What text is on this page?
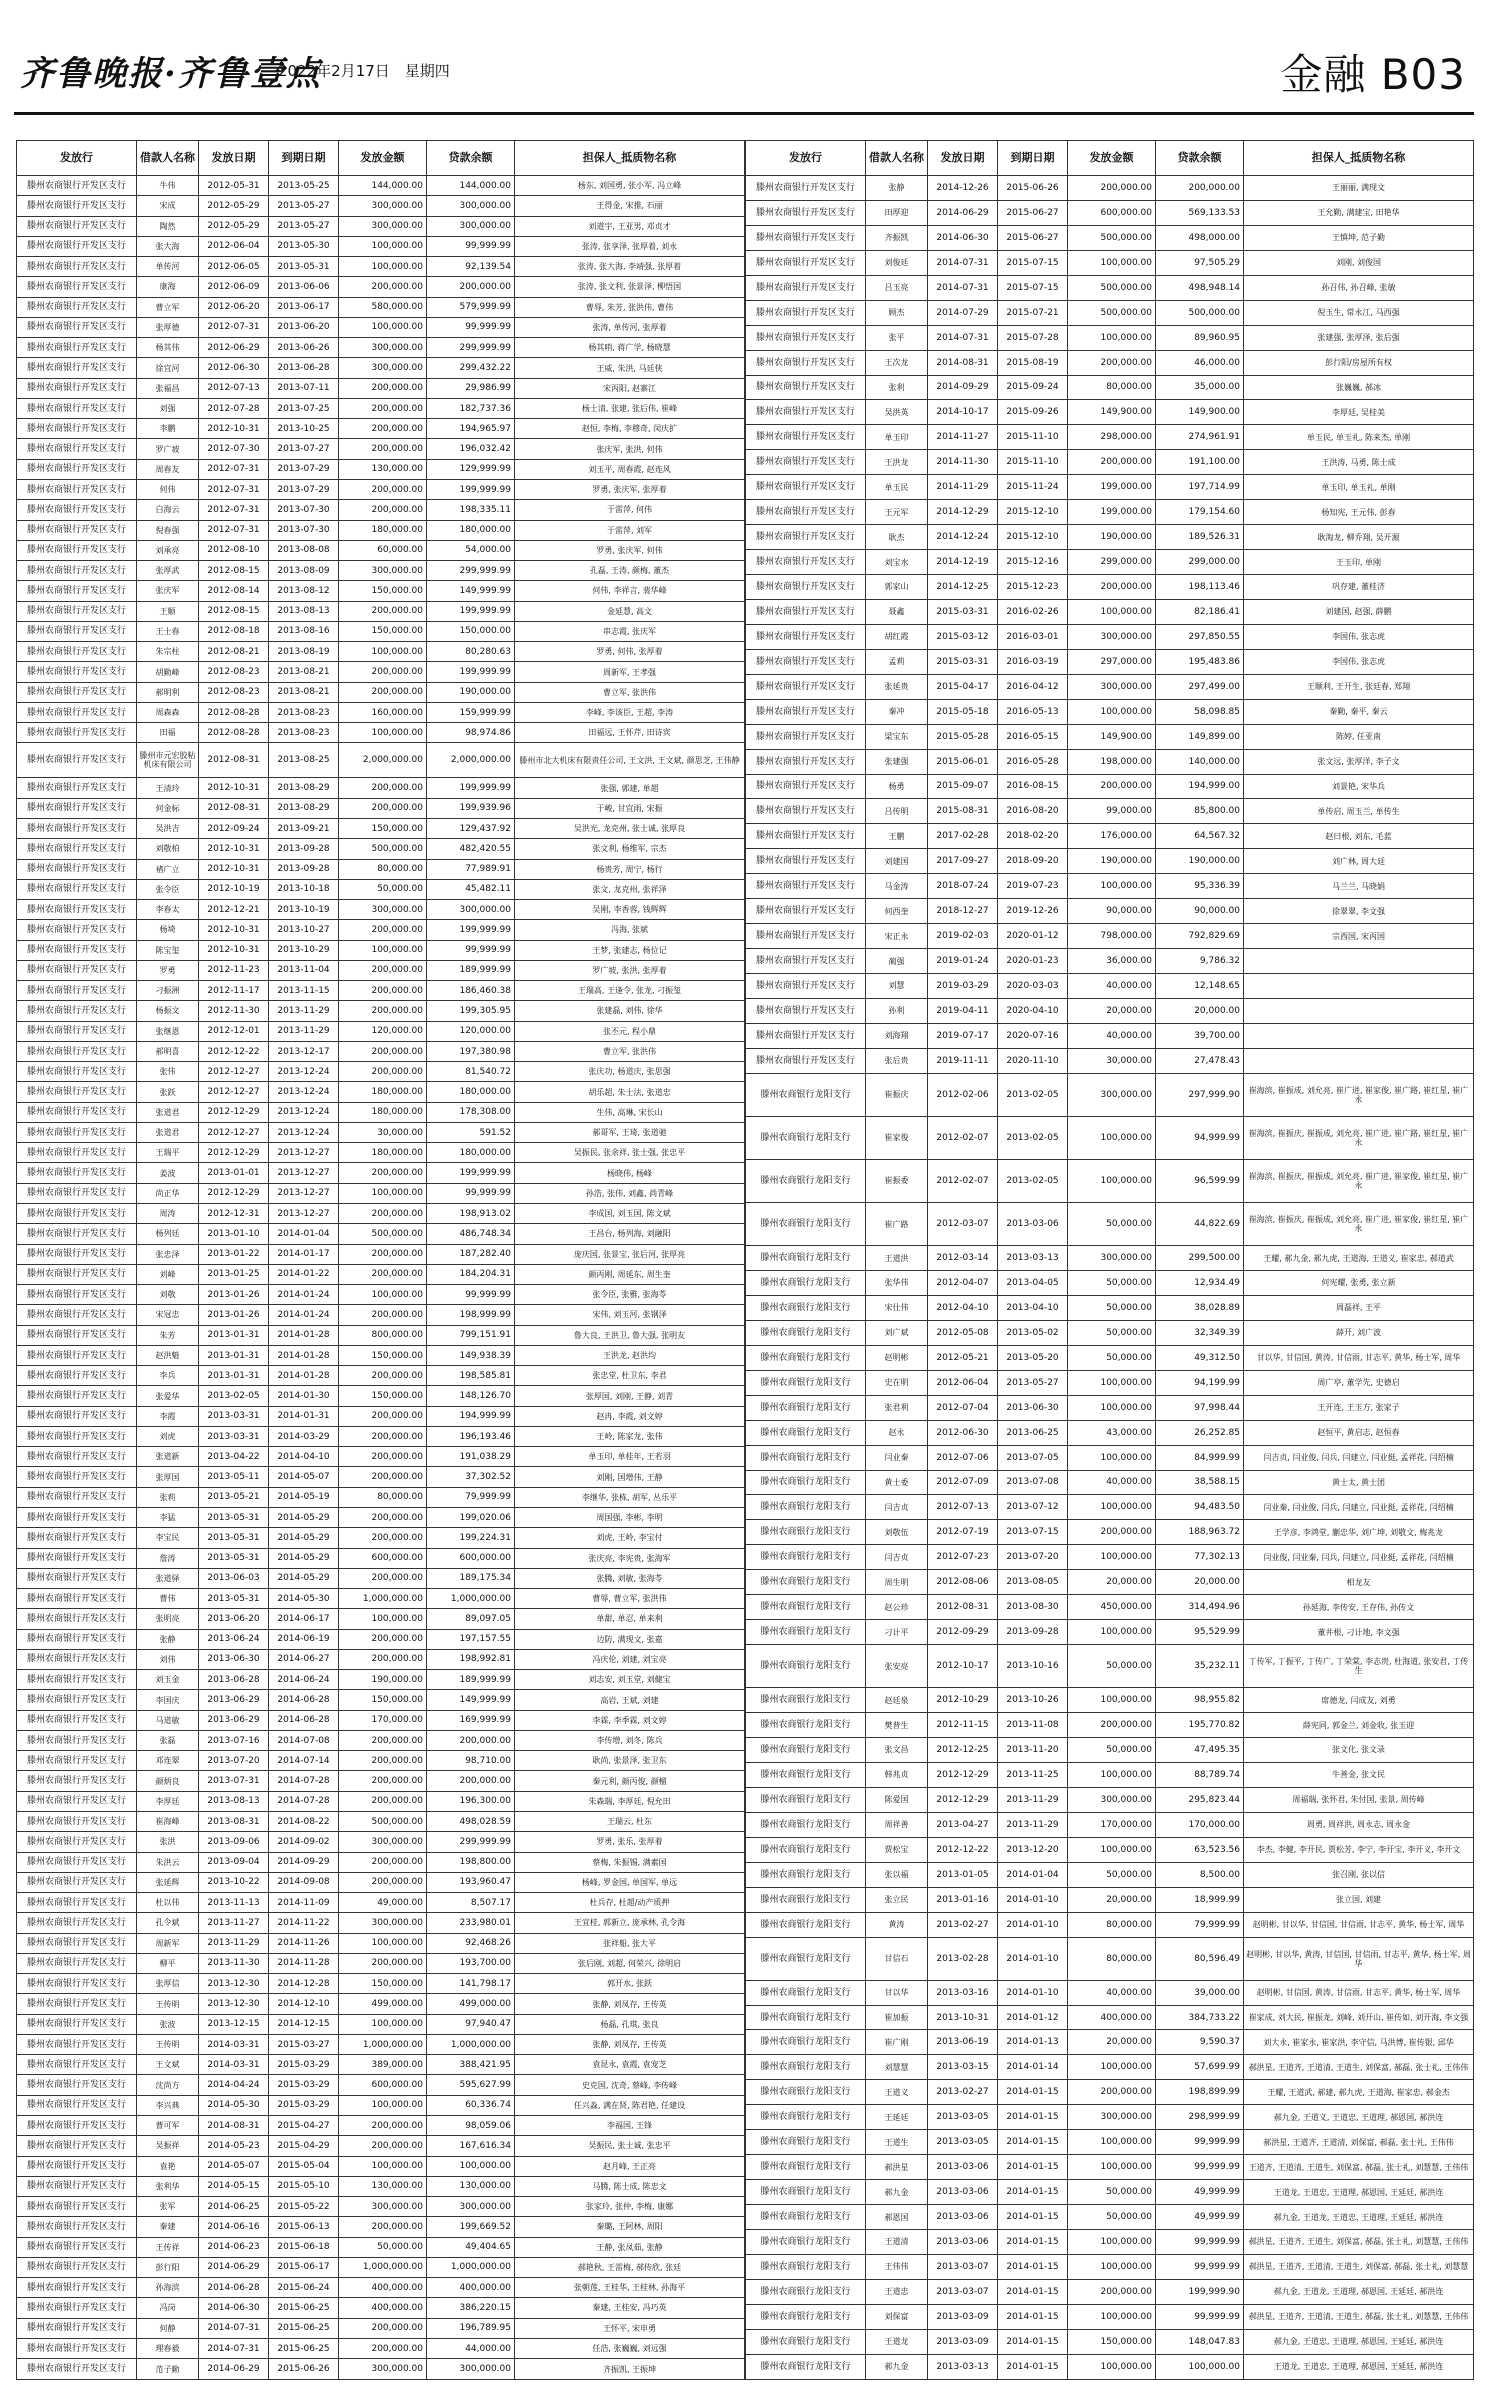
齐鲁晚报·齐鲁壹点
2022年2月17日　星期四	金融 B03
发放行	借款人名称	发放日期	到期日期	发放金额	贷款余额	担保人_抵质物名称
滕州农商银行开发区支行	牛伟	2012-05-31	2013-05-25	144,000.00	144,000.00	杨东, 刘国勇, 张小军, 冯立峰
滕州农商银行开发区支行	宋成	2012-05-29	2013-05-27	300,000.00	300,000.00	王得金, 宋推, 石丽
滕州农商银行开发区支行	陶然	2012-05-29	2013-05-27	300,000.00	300,000.00	刘道宇, 王亚男, 邓贞才
滕州农商银行开发区支行	张大海	2012-06-04	2013-05-30	100,000.00	99,999.99	张涛, 张享泽, 张厚着, 刘永
滕州农商银行开发区支行	单传河	2012-06-05	2013-05-31	100,000.00	92,139.54	张涛, 张大海, 李靖强, 张厚着
滕州农商银行开发区支行	康海	2012-06-09	2013-06-06	200,000.00	200,000.00	张涛, 张文利, 张景泽, 柳悟国
滕州农商银行开发区支行	曹立军	2012-06-20	2013-06-17	580,000.00	579,999.99	曹辱, 朱芳, 张洪伟, 曹伟
滕州农商银行开发区支行	张厚德	2012-07-31	2013-06-20	100,000.00	99,999.99	张涛, 单传河, 张厚着
滕州农商银行开发区支行	杨其伟	2012-06-29	2013-06-26	300,000.00	299,999.99	杨其哨, 蒋广学, 杨晓慧
滕州农商银行开发区支行	徐宜河	2012-06-30	2013-06-28	300,000.00	299,432.22	王威, 朱洪, 马廷侠
滕州农商银行开发区支行	张福昌	2012-07-13	2013-07-11	200,000.00	29,986.99	宋丙阳, 赵寨江
滕州农商银行开发区支行	刘强	2012-07-28	2013-07-25	200,000.00	182,737.36	杨士清, 张建, 张后伟, 崔峰
滕州农商银行开发区支行	李鹏	2012-10-31	2013-10-25	200,000.00	194,965.97	赵恒, 李梅, 李穆奇, 闵庆扩
滕州农商银行开发区支行	罗广坡	2012-07-30	2013-07-27	200,000.00	196,032.42	张庆军, 张洪, 何伟
滕州农商银行开发区支行	周春友	2012-07-31	2013-07-29	130,000.00	129,999.99	刘玉平, 周春霞, 赵连风
滕州农商银行开发区支行	何伟	2012-07-31	2013-07-29	200,000.00	199,999.99	罗勇, 张庆军, 张厚着
滕州农商银行开发区支行	白海云	2012-07-31	2013-07-30	200,000.00	198,335.11	于雷萍, 何伟
滕州农商银行开发区支行	倪春强	2012-07-31	2013-07-30	180,000.00	180,000.00	于雷萍, 刘军
滕州农商银行开发区支行	刘承亮	2012-08-10	2013-08-08	60,000.00	54,000.00	罗勇, 张庆军, 何伟
滕州农商银行开发区支行	张厚武	2012-08-15	2013-08-09	300,000.00	299,999.99	孔磊, 王涛, 颜梅, 董杰
滕州农商银行开发区支行	张庆军	2012-08-14	2013-08-12	150,000.00	149,999.99	何伟, 李祥言, 裴华峰
滕州农商银行开发区支行	王顺	2012-08-15	2013-08-13	200,000.00	199,999.99	金延慧, 高文
滕州农商银行开发区支行	王士春	2012-08-18	2013-08-16	150,000.00	150,000.00	串志霞, 张庆军
滕州农商银行开发区支行	朱宗柱	2012-08-21	2013-08-19	100,000.00	80,280.63	罗勇, 何伟, 张厚着
滕州农商银行开发区支行	胡勤峰	2012-08-23	2013-08-21	200,000.00	199,999.99	周新军, 王孝强
滕州农商银行开发区支行	郝明利	2012-08-23	2013-08-21	200,000.00	190,000.00	曹立军, 张洪伟
滕州农商银行开发区支行	周森森	2012-08-28	2013-08-23	160,000.00	159,999.99	李峰, 李该臣, 王超, 李涛
滕州农商银行开发区支行	田福	2012-08-28	2013-08-23	100,000.00	98,974.86	田福远, 王怀芹, 田诗宾
滕州农商银行开发区支行	滕州市元宏胶粘机床有限公司	2012-08-31	2013-08-25	2,000,000.00	2,000,000.00	滕州市北大机床有限责任公司, 王文洪, 王文斌, 颜思芝, 王伟静
滕州农商银行开发区支行	王清玲	2012-10-31	2013-08-29	200,000.00	199,999.99	张强, 郭建, 单超
滕州农商银行开发区支行	何金标	2012-08-31	2013-08-29	200,000.00	199,939.96	于峻, 甘宜雨, 宋振
滕州农商银行开发区支行	吴洪吉	2012-09-24	2013-09-21	150,000.00	129,437.92	吴洪光, 龙克州, 张士诚, 张厚良
滕州农商银行开发区支行	刘敬柏	2012-10-31	2013-09-28	500,000.00	482,420.55	张文利, 杨维军, 宗杰
滕州农商银行开发区支行	褚广立	2012-10-31	2013-09-28	80,000.00	77,989.91	杨贵芳, 周宁, 杨行
滕州农商银行开发区支行	张令臣	2012-10-19	2013-10-18	50,000.00	45,482.11	张文, 龙克州, 张祥泽
滕州农商银行开发区支行	李春太	2012-12-21	2013-10-19	300,000.00	300,000.00	吴刚, 李香蓉, 钱辉辉
滕州农商银行开发区支行	杨埼	2012-10-31	2013-10-27	200,000.00	199,999.99	冯海, 张斌
滕州农商银行开发区支行	陈宝玺	2012-10-31	2013-10-29	100,000.00	99,999.99	王梦, 张建志, 杨位记
滕州农商银行开发区支行	罗勇	2012-11-23	2013-11-04	200,000.00	189,999.99	罗广坡, 张洪, 张厚着
滕州农商银行开发区支行	刁振洲	2012-11-17	2013-11-15	200,000.00	186,460.38	王瑞高, 王逢令, 张龙, 刁振玺
滕州农商银行开发区支行	杨振文	2012-11-30	2013-11-29	200,000.00	199,305.95	张建磊, 刘伟, 徐华
滕州农商银行开发区支行	张继恩	2012-12-01	2013-11-29	120,000.00	120,000.00	张丕元, 程小鼎
滕州农商银行开发区支行	郝明喜	2012-12-22	2013-12-17	200,000.00	197,380.98	曹立军, 张洪伟
滕州农商银行开发区支行	张伟	2012-12-27	2013-12-24	200,000.00	81,540.72	张庆功, 杨道庆, 张思强
滕州农商银行开发区支行	张跃	2012-12-27	2013-12-24	180,000.00	180,000.00	胡乐超, 朱士法, 张道忠
滕州农商银行开发区支行	张道君	2012-12-29	2013-12-24	180,000.00	178,308.00	生伟, 高琳, 宋长山
滕州农商银行开发区支行	张道君	2012-12-27	2013-12-24	30,000.00	591.52	郝哥军, 王琦, 张道驰
滕州农商银行开发区支行	王瑞平	2012-12-29	2013-12-27	180,000.00	180,000.00	吴振民, 张余祥, 张士强, 张忠平
滕州农商银行开发区支行	姜波	2013-01-01	2013-12-27	200,000.00	199,999.99	杨晓伟, 杨峰
滕州农商银行开发区支行	尚正华	2012-12-29	2013-12-27	100,000.00	99,999.99	孙浩, 张伟, 刘鑫, 尚青峰
滕州农商银行开发区支行	周涛	2012-12-31	2013-12-27	200,000.00	198,913.02	李成国, 刘玉国, 陈文斌
滕州农商银行开发区支行	杨列廷	2013-01-10	2014-01-04	500,000.00	486,748.34	王昌台, 杨列海, 刘融阳
滕州农商银行开发区支行	张忠泽	2013-01-22	2014-01-17	200,000.00	187,282.40	庞庆国, 张景宝, 张后河, 张厚亮
滕州农商银行开发区支行	刘峰	2013-01-25	2014-01-22	200,000.00	184,204.31	颜丙刚, 周延东, 周生奎
滕州农商银行开发区支行	刘敬	2013-01-26	2014-01-24	100,000.00	99,999.99	张令臣, 张雅, 张海苓
滕州农商银行开发区支行	宋冠忠	2013-01-26	2014-01-24	200,000.00	198,999.99	宋伟, 刘玉河, 张钢泽
滕州农商银行开发区支行	朱芳	2013-01-31	2014-01-28	800,000.00	799,151.91	鲁大良, 王洪卫, 鲁大强, 张明友
滕州农商银行开发区支行	赵洪魁	2013-01-31	2014-01-28	150,000.00	149,938.39	王洪龙, 赵洪均
滕州农商银行开发区支行	李兵	2013-01-31	2014-01-28	200,000.00	198,585.81	张忠堂, 杜卫东, 李君
滕州农商银行开发区支行	张爱华	2013-02-05	2014-01-30	150,000.00	148,126.70	张厚国, 刘刚, 王静, 刘青
滕州农商银行开发区支行	李霞	2013-03-31	2014-01-31	200,000.00	194,999.99	赵冉, 李霞, 刘文婷
滕州农商银行开发区支行	刘虎	2013-03-31	2014-03-29	200,000.00	196,193.46	王岭, 陈家龙, 张伟
滕州农商银行开发区支行	张道新	2013-04-22	2014-04-10	200,000.00	191,038.29	单玉印, 单桂年, 王若羽
滕州农商银行开发区支行	张厚国	2013-05-11	2014-05-07	200,000.00	37,302.52	刘刚, 国增伟, 王静
滕州农商银行开发区支行	张莉	2013-05-21	2014-05-19	80,000.00	79,999.99	李继华, 张栋, 胡军, 丛乐平
滕州农商银行开发区支行	李猛	2013-05-31	2014-05-29	200,000.00	199,020.06	周国强, 李彬, 李明
滕州农商银行开发区支行	李宝民	2013-05-31	2014-05-29	200,000.00	199,224.31	刘虎, 王岭, 李宝付
滕州农商银行开发区支行	詹涛	2013-05-31	2014-05-29	600,000.00	600,000.00	张庆亮, 李宪贵, 张海军
滕州农商银行开发区支行	张道驿	2013-06-03	2014-05-29	200,000.00	189,175.34	张腾, 刘敏, 张海苓
滕州农商银行开发区支行	曹伟	2013-05-31	2014-05-30	1,000,000.00	1,000,000.00	曹辱, 曹立军, 张洪伟
滕州农商银行开发区支行	张明亮	2013-06-20	2014-06-17	100,000.00	89,097.05	单甜, 单忍, 单来利
滕州农商银行开发区支行	张静	2013-06-24	2014-06-19	200,000.00	197,157.55	边防, 满现文, 张嘉
滕州农商银行开发区支行	刘伟	2013-06-30	2014-06-27	200,000.00	198,992.81	冯庆伦, 刘建, 刘宝亮
滕州农商银行开发区支行	刘玉金	2013-06-28	2014-06-24	190,000.00	189,999.99	刘志安, 刘玉堂, 刘健宝
滕州农商银行开发区支行	李国庆	2013-06-29	2014-06-28	150,000.00	149,999.99	高岩, 王斌, 刘建
滕州农商银行开发区支行	马道敏	2013-06-29	2014-06-28	170,000.00	169,999.99	李霖, 李季霖, 刘文婷
滕州农商银行开发区支行	张磊	2013-07-16	2014-07-08	200,000.00	200,000.00	李传增, 刘冬, 陈兵
滕州农商银行开发区支行	邓连翠	2013-07-20	2014-07-14	200,000.00	98,710.00	耿尚, 张景泽, 张卫东
滕州农商银行开发区支行	颜炳良	2013-07-31	2014-07-28	200,000.00	200,000.00	秦元利, 颜丙俊, 颜榴
滕州农商银行开发区支行	李厚廷	2013-08-13	2014-07-28	200,000.00	196,300.00	朱森瑞, 李厚廷, 倪允田
滕州农商银行开发区支行	崔海峰	2013-08-31	2014-08-22	500,000.00	498,028.59	王瑞云, 杜东
滕州农商银行开发区支行	张洪	2013-09-06	2014-09-02	300,000.00	299,999.99	罗勇, 张乐, 张厚着
滕州农商银行开发区支行	朱洪云	2013-09-04	2014-09-29	200,000.00	198,800.00	蔡梅, 朱振锡, 满素国
滕州农商银行开发区支行	张延辉	2013-10-22	2014-09-08	200,000.00	193,960.47	杨峰, 罗金国, 单国军, 单远
滕州农商银行开发区支行	杜以伟	2013-11-13	2014-11-09	49,000.00	8,507.17	杜兵存, 杜超/动产质押
滕州农商银行开发区支行	孔令斌	2013-11-27	2014-11-22	300,000.00	233,980.01	王宜桂, 郭新立, 庞承林, 孔令海
滕州农商银行开发区支行	周新军	2013-11-29	2014-11-26	100,000.00	92,468.26	张祥船, 张大平
滕州农商银行开发区支行	柳平	2013-11-30	2014-11-28	200,000.00	193,700.00	张后刚, 刘超, 何荣兴, 徐明启
滕州农商银行开发区支行	张厚信	2013-12-30	2014-12-28	150,000.00	141,798.17	郭开水, 张跃
滕州农商银行开发区支行	王传明	2013-12-30	2014-12-10	499,000.00	499,000.00	张静, 刘凤存, 王传英
滕州农商银行开发区支行	张波	2013-12-15	2014-12-15	100,000.00	97,940.47	杨磊, 孔琪, 张良
滕州农商银行开发区支行	王传明	2014-03-31	2015-03-27	1,000,000.00	1,000,000.00	张静, 刘凤存, 王传英
滕州农商银行开发区支行	王文斌	2014-03-31	2015-03-29	389,000.00	388,421.95	袁昆永, 袁霞, 袁宠芝
滕州农商银行开发区支行	沈尚方	2014-04-24	2015-03-29	600,000.00	595,627.99	史克国, 沈奇, 蔡峰, 李传峰
滕州农商银行开发区支行	李兴典	2014-05-30	2015-03-29	100,000.00	60,336.74	任兴淼, 满在贤, 陈君艳, 任建设
滕州农商银行开发区支行	曹可军	2014-08-31	2015-04-27	200,000.00	98,059.06	李福国, 王锋
滕州农商银行开发区支行	吴振祥	2014-05-23	2015-04-29	200,000.00	167,616.34	吴振民, 张士诚, 张忠平
滕州农商银行开发区支行	袁艳	2014-05-07	2015-05-04	100,000.00	100,000.00	赵月峰, 王正亮
滕州农商银行开发区支行	张利华	2014-05-15	2015-05-10	130,000.00	130,000.00	马腾, 陈士成, 陈忠文
滕州农商银行开发区支行	张军	2014-06-25	2015-05-22	300,000.00	300,000.00	张家玲, 张仲, 李梅, 康娜
滕州农商银行开发区支行	秦建	2014-06-16	2015-06-13	200,000.00	199,669.52	秦璐, 王阿林, 周阳
滕州农商银行开发区支行	王传祥	2014-06-23	2015-06-18	50,000.00	49,404.65	王静, 张凤茹, 张静
滕州农商银行开发区支行	彭行阳	2014-06-29	2015-06-17	1,000,000.00	1,000,000.00	郝艳秋, 王雷梅, 郝传欣, 张廷
滕州农商银行开发区支行	孙海滨	2014-06-28	2015-06-24	400,000.00	400,000.00	张朝莲, 王桂华, 王桂林, 孙海平
滕州农商银行开发区支行	冯岗	2014-06-30	2015-06-25	400,000.00	386,220.15	秦建, 王桂安, 冯巧英
滕州农商银行开发区支行	何静	2014-07-31	2015-06-25	200,000.00	196,789.95	王怀平, 宋申勇
滕州农商银行开发区支行	理春毅	2014-07-31	2015-06-25	200,000.00	44,000.00	任浩, 张巍巍, 刘远强
滕州农商银行开发区支行	范子勤	2014-06-29	2015-06-26	300,000.00	300,000.00	齐振凯, 王振坤
发放行	借款人名称	发放日期	到期日期	发放金额	贷款余额	担保人_抵质物名称
滕州农商银行开发区支行	张静	2014-12-26	2015-06-26	200,000.00	200,000.00	王丽丽, 满现文
滕州农商银行开发区支行	田厚迎	2014-06-29	2015-06-27	600,000.00	569,133.53	王允勤, 满建宝, 田艳华
滕州农商银行开发区支行	齐振凯	2014-06-30	2015-06-27	500,000.00	498,000.00	王慎坤, 范子勤
滕州农商银行开发区支行	刘俊廷	2014-07-31	2015-07-15	100,000.00	97,505.29	刘刚, 刘俊国
滕州农商银行开发区支行	吕玉亮	2014-07-31	2015-07-15	500,000.00	498,948.14	孙召伟, 孙召峰, 张敏
滕州农商银行开发区支行	顾杰	2014-07-29	2015-07-21	500,000.00	500,000.00	倪玉生, 常永江, 马西强
滕州农商银行开发区支行	张平	2014-07-31	2015-07-28	100,000.00	89,960.95	张建强, 张厚泽, 张后强
滕州农商银行开发区支行	王次龙	2014-08-31	2015-08-19	200,000.00	46,000.00	彭行阳/房屋所有权
滕州农商银行开发区支行	张利	2014-09-29	2015-09-24	80,000.00	35,000.00	张巍巍, 郝冰
滕州农商银行开发区支行	吴洪英	2014-10-17	2015-09-26	149,900.00	149,900.00	李厚廷, 吴桂美
滕州农商银行开发区支行	单玉印	2014-11-27	2015-11-10	298,000.00	274,961.91	单玉民, 单玉礼, 陈来杰, 单刚
滕州农商银行开发区支行	王洪龙	2014-11-30	2015-11-10	200,000.00	191,100.00	王洪涛, 马勇, 陈士成
滕州农商银行开发区支行	单玉民	2014-11-29	2015-11-24	199,000.00	197,714.99	单玉印, 单玉礼, 单刚
滕州农商银行开发区支行	王元军	2014-12-29	2015-12-10	199,000.00	179,154.60	杨知宪, 王元伟, 彭春
滕州农商银行开发区支行	耿杰	2014-12-24	2015-12-10	190,000.00	189,526.31	耿淘龙, 柳乔翔, 吴开源
滕州农商银行开发区支行	刘宝水	2014-12-19	2015-12-16	299,000.00	299,000.00	王玉印, 单刚
滕州农商银行开发区支行	郭家山	2014-12-25	2015-12-23	200,000.00	198,113.46	巩存建, 董桂济
滕州农商银行开发区支行	聂鑫	2015-03-31	2016-02-26	100,000.00	82,186.41	刘建国, 赵强, 薛鹏
滕州农商银行开发区支行	胡红霞	2015-03-12	2016-03-01	300,000.00	297,850.55	李国伟, 张志虎
滕州农商银行开发区支行	孟莉	2015-03-31	2016-03-19	297,000.00	195,483.86	李国伟, 张志虎
滕州农商银行开发区支行	张延贵	2015-04-17	2016-04-12	300,000.00	297,499.00	王顺利, 王开生, 张廷春, 郑翔
滕州农商银行开发区支行	秦冲	2015-05-18	2016-05-13	100,000.00	58,098.85	秦勤, 秦平, 秦云
滕州农商银行开发区支行	梁宝东	2015-05-28	2016-05-15	149,900.00	149,899.00	陈婷, 任亚南
滕州农商银行开发区支行	张建强	2015-06-01	2016-05-28	198,000.00	140,000.00	张文远, 张厚洋, 李子文
滕州农商银行开发区支行	杨勇	2015-09-07	2016-08-15	200,000.00	194,999.00	刘景艳, 宋华兵
滕州农商银行开发区支行	吕传明	2015-08-31	2016-08-20	99,000.00	85,800.00	单传启, 周玉兰, 单传生
滕州农商银行开发区支行	王鹏	2017-02-28	2018-02-20	176,000.00	64,567.32	赵曰根, 刘东, 毛蓝
滕州农商银行开发区支行	刘建国	2017-09-27	2018-09-20	190,000.00	190,000.00	刘广林, 周大廷
滕州农商银行开发区支行	马金涛	2018-07-24	2019-07-23	100,000.00	95,336.39	马兰兰, 马晓娟
滕州农商银行开发区支行	何西奎	2018-12-27	2019-12-26	90,000.00	90,000.00	徐翠翠, 李文强
滕州农商银行开发区支行	宋正永	2019-02-03	2020-01-12	798,000.00	792,829.69	宗西国, 宋丙国
滕州农商银行开发区支行	蔺强	2019-01-24	2020-01-23	36,000.00	9,786.32	
滕州农商银行开发区支行	刘慧	2019-03-29	2020-03-03	40,000.00	12,148.65	
滕州农商银行开发区支行	孙利	2019-04-11	2020-04-10	20,000.00	20,000.00	
滕州农商银行开发区支行	刘海翔	2019-07-17	2020-07-16	40,000.00	39,700.00	
滕州农商银行开发区支行	张后贵	2019-11-11	2020-11-10	30,000.00	27,478.43	
滕州农商银行龙阳支行	崔振庆	2012-02-06	2013-02-05	300,000.00	297,999.90	崔海滨, 崔振成, 刘允亮, 崔广进, 崔家俊, 崔广路, 崔红星, 崔广永
滕州农商银行龙阳支行	崔家俊	2012-02-07	2013-02-05	100,000.00	94,999.99	崔海滨, 崔振庆, 崔振成, 刘允亮, 崔广进, 崔广路, 崔红星, 崔广永
滕州农商银行龙阳支行	崔振委	2012-02-07	2013-02-05	100,000.00	96,599.99	崔海滨, 崔振庆, 崔振成, 刘允亮, 崔广进, 崔家俊, 崔红星, 崔广永
滕州农商银行龙阳支行	崔广路	2012-03-07	2013-03-06	50,000.00	44,822.69	崔海滨, 崔振庆, 崔振成, 刘允亮, 崔广进, 崔家俊, 崔红星, 崔广永
滕州农商银行龙阳支行	王道洪	2012-03-14	2013-03-13	300,000.00	299,500.00	王耀, 郝九金, 郝九虎, 王道海, 王道义, 崔家忠, 郝道武
滕州农商银行龙阳支行	张华伟	2012-04-07	2013-04-05	50,000.00	12,934.49	何宪耀, 张勇, 张立新
滕州农商银行龙阳支行	宋仕伟	2012-04-10	2013-04-10	50,000.00	38,028.89	周磊祥, 王平
滕州农商银行龙阳支行	刘广斌	2012-05-08	2013-05-02	50,000.00	32,349.39	薛开, 刘广波
滕州农商银行龙阳支行	赵明彬	2012-05-21	2013-05-20	50,000.00	49,312.50	甘以华, 甘信国, 黄涛, 甘信雨, 甘志平, 黄华, 杨士军, 周华
滕州农商银行龙阳支行	史在明	2012-06-04	2013-05-27	100,000.00	94,199.99	周广亭, 董学先, 史德启
滕州农商银行龙阳支行	张君利	2012-07-04	2013-06-30	100,000.00	97,998.44	王开连, 王玉方, 张家子
滕州农商银行龙阳支行	赵永	2012-06-30	2013-06-25	43,000.00	26,252.85	赵恒平, 黄启志, 赵恒春
滕州农商银行龙阳支行	闫业秦	2012-07-06	2013-07-05	100,000.00	84,999.99	闫吉贞, 闫业俊, 闫兵, 闫建立, 闫业挺, 孟祥花, 闫绍楠
滕州农商银行龙阳支行	黄士委	2012-07-09	2013-07-08	40,000.00	38,588.15	黄士太, 黄士团
滕州农商银行龙阳支行	闫吉贞	2012-07-13	2013-07-12	100,000.00	94,483.50	闫业秦, 闫业俊, 闫兵, 闫建立, 闫业挺, 孟祥花, 闫绍楠
滕州农商银行龙阳支行	刘敬伍	2012-07-19	2013-07-15	200,000.00	188,963.72	王学彦, 李鸿堂, 蒯忠华, 刘广坤, 刘敬文, 梅兆龙
滕州农商银行龙阳支行	闫吉贞	2012-07-23	2013-07-20	100,000.00	77,302.13	闫业俊, 闫业秦, 闫兵, 闫建立, 闫业挺, 孟祥花, 闫绍楠
滕州农商银行龙阳支行	周生明	2012-08-06	2013-08-05	20,000.00	20,000.00	相龙友
滕州农商银行龙阳支行	赵公珍	2012-08-31	2013-08-30	450,000.00	314,494.96	孙延海, 李传安, 王存伟, 孙传文
滕州农商银行龙阳支行	刁计平	2012-09-29	2013-09-28	100,000.00	95,529.99	董井根, 刁计地, 李文强
滕州农商银行龙阳支行	张安亮	2012-10-17	2013-10-16	50,000.00	35,232.11	丁传军, 丁振平, 丁传广, 丁荣棠, 李志贵, 杜海道, 张安君, 丁传生
滕州农商银行龙阳支行	赵廷泉	2012-10-29	2013-10-26	100,000.00	98,955.82	席德龙, 闫成友, 刘勇
滕州农商银行龙阳支行	樊普生	2012-11-15	2013-11-08	200,000.00	195,770.82	薛宪同, 郭金兰, 刘金收, 张玉迎
滕州农商银行龙阳支行	张文昌	2012-12-25	2013-11-20	50,000.00	47,495.35	张文化, 张文录
滕州农商银行龙阳支行	韩兆贞	2012-12-29	2013-11-25	100,000.00	88,789.74	牛善金, 张文民
滕州农商银行龙阳支行	陈爱国	2012-12-29	2013-11-29	300,000.00	295,823.44	周福瑞, 张怀君, 朱付国, 张景, 周传峰
滕州农商银行龙阳支行	周祥善	2013-04-27	2013-11-29	170,000.00	170,000.00	周勇, 周祥洪, 周永志, 周永金
滕州农商银行龙阳支行	贾松宝	2012-12-22	2013-12-20	100,000.00	63,523.56	李杰, 李健, 李开民, 贾松芳, 李宁, 李开宝, 李开义, 李开文
滕州农商银行龙阳支行	张以福	2013-01-05	2014-01-04	50,000.00	8,500.00	张召刚, 张以信
滕州农商银行龙阳支行	张立民	2013-01-16	2014-01-10	20,000.00	18,999.99	张立国, 刘建
滕州农商银行龙阳支行	黄涛	2013-02-27	2014-01-10	80,000.00	79,999.99	赵明彬, 甘以华, 甘信国, 甘信雨, 甘志平, 黄华, 杨士军, 周华
滕州农商银行龙阳支行	甘信石	2013-02-28	2014-01-10	80,000.00	80,596.49	赵明彬, 甘以华, 黄涛, 甘信国, 甘信雨, 甘志平, 黄华, 杨士军, 周华
滕州农商银行龙阳支行	甘以华	2013-03-16	2014-01-10	40,000.00	39,000.00	赵明彬, 甘信国, 黄涛, 甘信雨, 甘志平, 黄华, 杨士军, 周华
滕州农商银行龙阳支行	崔加振	2013-10-31	2014-01-12	400,000.00	384,733.22	崔家成, 刘大民, 崔振龙, 刘峰, 刘开山, 崔传如, 刘开海, 李文强
滕州农商银行龙阳支行	崔广刚	2013-06-19	2014-01-13	20,000.00	9,590.37	刘大永, 崔家永, 崔家洪, 李守信, 马洪博, 崔传银, 邱华
滕州农商银行龙阳支行	刘慧慧	2013-03-15	2014-01-14	100,000.00	57,699.99	郝洪星, 王道齐, 王道清, 王道生, 刘保富, 郝磊, 张士礼, 王伟伟
滕州农商银行龙阳支行	王道义	2013-02-27	2014-01-15	200,000.00	198,899.99	王耀, 王道武, 郝建, 郝九虎, 王道海, 崔家忠, 郝金杰
滕州农商银行龙阳支行	王延廷	2013-03-05	2014-01-15	300,000.00	298,999.99	郝九金, 王道义, 王道忠, 王道理, 郝恩国, 郝洪连
滕州农商银行龙阳支行	王道生	2013-03-05	2014-01-15	100,000.00	99,999.99	郝洪星, 王道齐, 王道清, 刘保富, 郝磊, 张士礼, 王伟伟
滕州农商银行龙阳支行	郝洪星	2013-03-06	2014-01-15	100,000.00	99,999.99	王道齐, 王道清, 王道生, 刘保富, 郝磊, 张士礼, 刘慧慧, 王伟伟
滕州农商银行龙阳支行	郝九金	2013-03-06	2014-01-15	50,000.00	49,999.99	王道龙, 王道忠, 王道理, 郝恩国, 王延廷, 郝洪连
滕州农商银行龙阳支行	郝恩国	2013-03-06	2014-01-15	50,000.00	49,999.99	郝九金, 王道龙, 王道忠, 王道理, 王延廷, 郝洪连
滕州农商银行龙阳支行	王道清	2013-03-06	2014-01-15	100,000.00	99,999.99	郝洪星, 王道齐, 王道生, 刘保富, 郝磊, 张士礼, 刘慧慧, 王伟伟
滕州农商银行龙阳支行	王伟伟	2013-03-07	2014-01-15	100,000.00	99,999.99	郝洪星, 王道齐, 王道清, 王道生, 刘保富, 郝磊, 张士礼, 刘慧慧
滕州农商银行龙阳支行	王道忠	2013-03-07	2014-01-15	200,000.00	199,999.90	郝九金, 王道龙, 王道理, 郝恩国, 王延廷, 郝洪连
滕州农商银行龙阳支行	刘保富	2013-03-09	2014-01-15	100,000.00	99,999.99	郝洪星, 王道齐, 王道清, 王道生, 郝磊, 张士礼, 刘慧慧, 王伟伟
滕州农商银行龙阳支行	王道龙	2013-03-09	2014-01-15	150,000.00	148,047.83	郝九金, 王道忠, 王道理, 郝恩国, 王延廷, 郝洪连
滕州农商银行龙阳支行	郝九金	2013-03-13	2014-01-15	100,000.00	100,000.00	王道龙, 王道忠, 王道理, 郝恩国, 王延廷, 郝洪连
